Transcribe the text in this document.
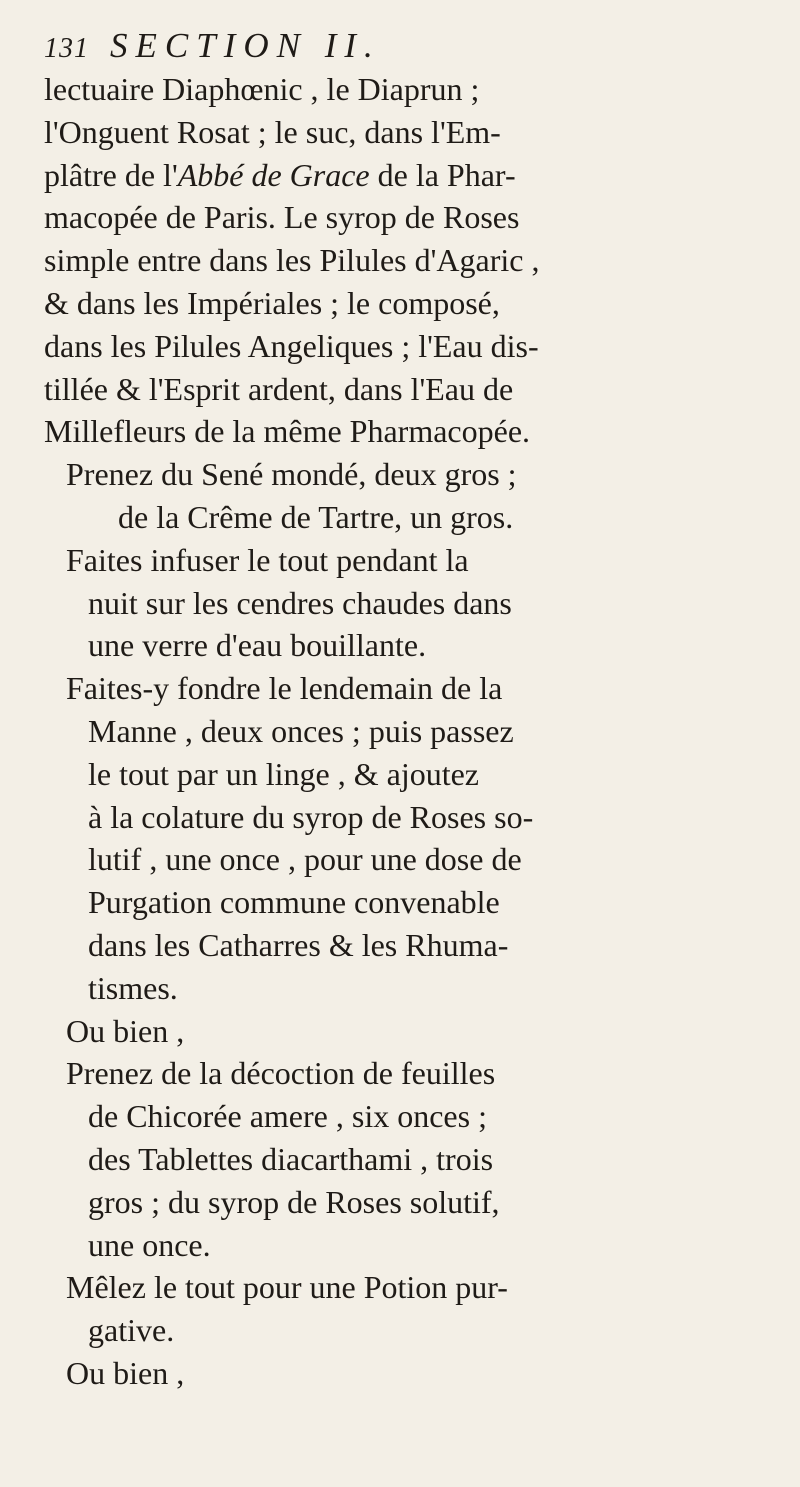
131 SECTION II.
lectuaire Diaphœnic , le Diaprun ;
l'Onguent Rosat ; le suc, dans l'Em-
plâtre de l'Abbé de Grace de la Phar-
macopée de Paris. Le syrop de Roses
simple entre dans les Pilules d'Agaric ,
& dans les Impériales ; le composé,
dans les Pilules Angeliques ; l'Eau dis-
tillée & l'Esprit ardent, dans l'Eau de
Millefleurs de la même Pharmacopée.
Prenez du Sené mondé, deux gros ;
de la Crême de Tartre, un gros.
Faites infuser le tout pendant la
nuit sur les cendres chaudes dans
une verre d'eau bouillante.
Faites-y fondre le lendemain de la
Manne , deux onces ; puis passez
le tout par un linge , & ajoutez
à la colature du syrop de Roses so-
lutif , une once , pour une dose de
Purgation commune convenable
dans les Catharres & les Rhuma-
tismes.
Ou bien ,
Prenez de la décoction de feuilles
de Chicorée amere , six onces ;
des Tablettes diacarthami , trois
gros ; du syrop de Roses solutif,
une once.
Mêlez le tout pour une Potion pur-
gative.
Ou bien ,
